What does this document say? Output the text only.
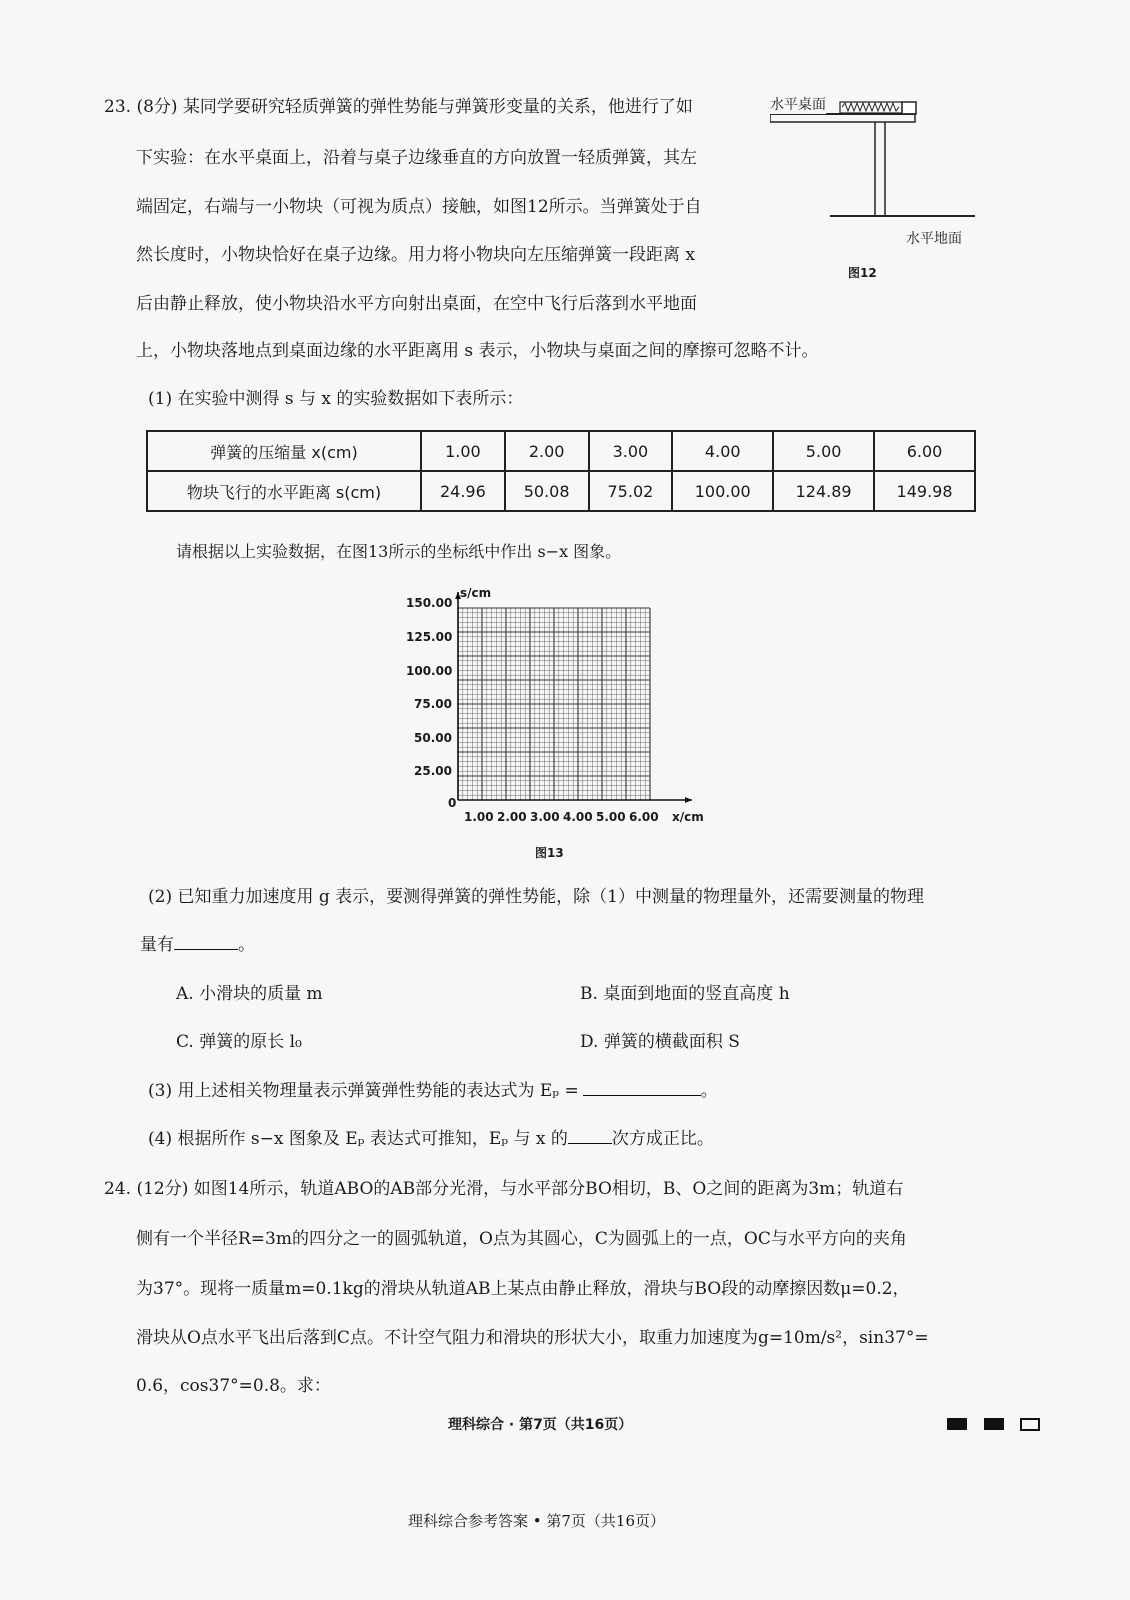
23. (8分) 某同学要研究轻质弹簧的弹性势能与弹簧形变量的关系，他进行了如
下实验：在水平桌面上，沿着与桌子边缘垂直的方向放置一轻质弹簧，其左
端固定，右端与一小物块（可视为质点）接触，如图12所示。当弹簧处于自
然长度时，小物块恰好在桌子边缘。用力将小物块向左压缩弹簧一段距离 x
后由静止释放，使小物块沿水平方向射出桌面，在空中飞行后落到水平地面
上，小物块落地点到桌面边缘的水平距离用 s 表示，小物块与桌面之间的摩擦可忽略不计。
水平桌面
水平地面
图12
(1) 在实验中测得 s 与 x 的实验数据如下表所示：
弹簧的压缩量 x(cm)	1.00	2.00	3.00	4.00	5.00	6.00
物块飞行的水平距离 s(cm)	24.96	50.08	75.02	100.00	124.89	149.98
请根据以上实验数据，在图13所示的坐标纸中作出 s−x 图象。
s/cm
x/cm
0
150.00
125.00
100.00
75.00
50.00
25.00
1.00 2.00 3.00 4.00 5.00 6.00
图13
(2) 已知重力加速度用 g 表示，要测得弹簧的弹性势能，除（1）中测量的物理量外，还需要测量的物理
量有	。
A. 小滑块的质量 m	B. 桌面到地面的竖直高度 h
C. 弹簧的原长 l₀	D. 弹簧的横截面积 S
(3) 用上述相关物理量表示弹簧弹性势能的表达式为 Eₚ =	。
(4) 根据所作 s−x 图象及 Eₚ 表达式可推知，Eₚ 与 x 的	次方成正比。
24. (12分) 如图14所示，轨道ABO的AB部分光滑，与水平部分BO相切，B、O之间的距离为3m；轨道右
侧有一个半径R=3m的四分之一的圆弧轨道，O点为其圆心，C为圆弧上的一点，OC与水平方向的夹角
为37°。现将一质量m=0.1kg的滑块从轨道AB上某点由静止释放，滑块与BO段的动摩擦因数μ=0.2，
滑块从O点水平飞出后落到C点。不计空气阻力和滑块的形状大小，取重力加速度为g=10m/s²，sin37°=
0.6，cos37°=0.8。求：
理科综合 · 第7页（共16页）
理科综合参考答案 • 第7页（共16页）
